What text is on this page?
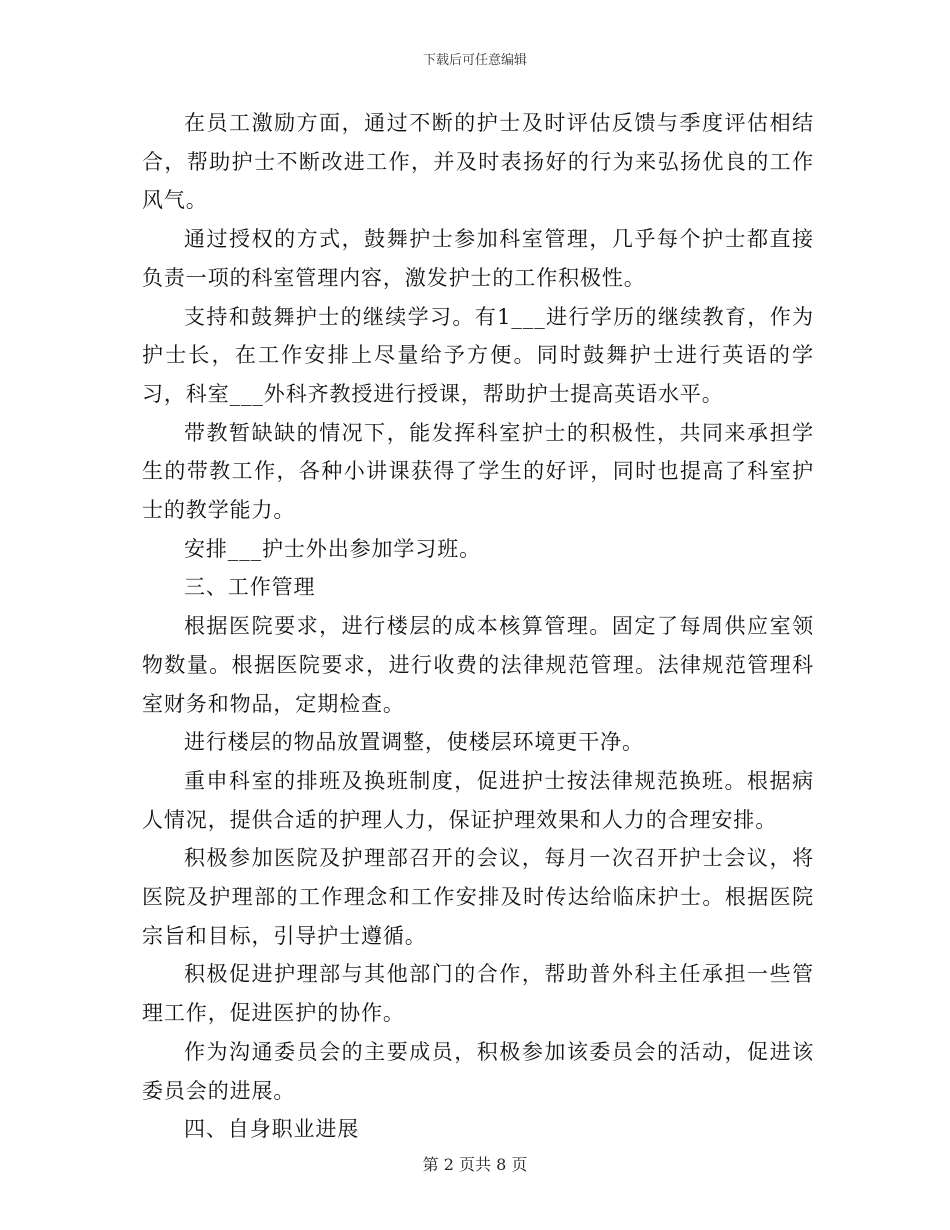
下载后可任意编辑

在员工激励方面，通过不断的护士及时评估反馈与季度评估相结合，帮助护士不断改进工作，并及时表扬好的行为来弘扬优良的工作风气。

通过授权的方式，鼓舞护士参加科室管理，几乎每个护士都直接负责一项的科室管理内容，激发护士的工作积极性。

支持和鼓舞护士的继续学习。有1___进行学历的继续教育，作为护士长，在工作安排上尽量给予方便。同时鼓舞护士进行英语的学习，科室___外科齐教授进行授课，帮助护士提高英语水平。

带教暂缺缺的情况下，能发挥科室护士的积极性，共同来承担学生的带教工作，各种小讲课获得了学生的好评，同时也提高了科室护士的教学能力。

安排___护士外出参加学习班。

三、工作管理

根据医院要求，进行楼层的成本核算管理。固定了每周供应室领物数量。根据医院要求，进行收费的法律规范管理。法律规范管理科室财务和物品，定期检查。

进行楼层的物品放置调整，使楼层环境更干净。

重申科室的排班及换班制度，促进护士按法律规范换班。根据病人情况，提供合适的护理人力，保证护理效果和人力的合理安排。

积极参加医院及护理部召开的会议，每月一次召开护士会议，将医院及护理部的工作理念和工作安排及时传达给临床护士。根据医院宗旨和目标，引导护士遵循。

积极促进护理部与其他部门的合作，帮助普外科主任承担一些管理工作，促进医护的协作。

作为沟通委员会的主要成员，积极参加该委员会的活动，促进该委员会的进展。

四、自身职业进展

第 2 页共 8 页
